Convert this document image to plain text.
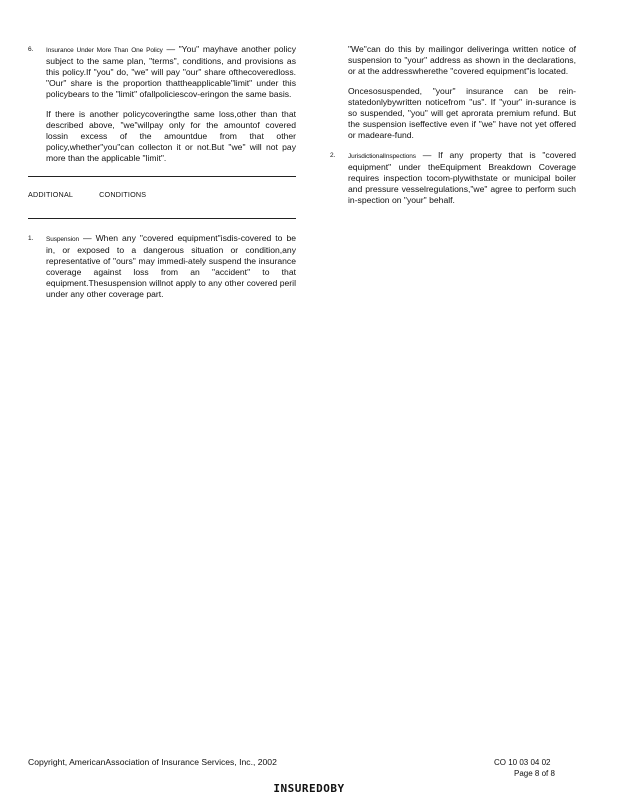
6. Insurance Under More Than One Policy — "You" mayhave another policy subject to the same plan, "terms", conditions, and provisions as this policy.If "you" do, "we" will pay "our" share ofthecoveredloss. "Our" share is the proportion thattheapplicable"limit" under this policybears to the "limit" ofallpoliciescov-eringon the same basis.

If there is another policycoveringthe same loss,other than that described above, "we"willpay only for the amountof covered lossin excess of the amountdue from that other policy,whether"you"can collecton it or not.But "we" will not pay more than the applicable "limit".

ADDITIONAL	CONDITIONS
1. Suspension — When any "covered equipment"isdis-covered to be in, or exposed to a dangerous situation or condition,any representative of "ours" may immedi-ately suspend the insurance coverage against loss from an "accident" to that equipment.Thesuspension willnot apply to any other covered peril under any other coverage part.

"We"can do this by mailingor deliveringa written notice of suspension to "your" address as shown in the declarations, or at the addresswherethe "covered equipment"is located.

Oncesosuspended, "your" insurance can be rein-statedonlybywritten noticefrom "us". If "your" in-surance is so suspended, "you" will get aprorata premium refund. But the suspension iseffective even if "we" have not yet offered or madeare-fund.

2. JurisdictionalInspections — If any property that is "covered equipment" under theEquipment Breakdown Coverage requires inspection tocom-plywithstate or municipal boiler and pressure vesselregulations,"we" agree to perform such in-spection on "your" behalf.

Copyright, AmericanAssociation of Insurance Services, Inc., 2002	CO 10 03 04 02
Page 8 of 8
INSUREDOBY
